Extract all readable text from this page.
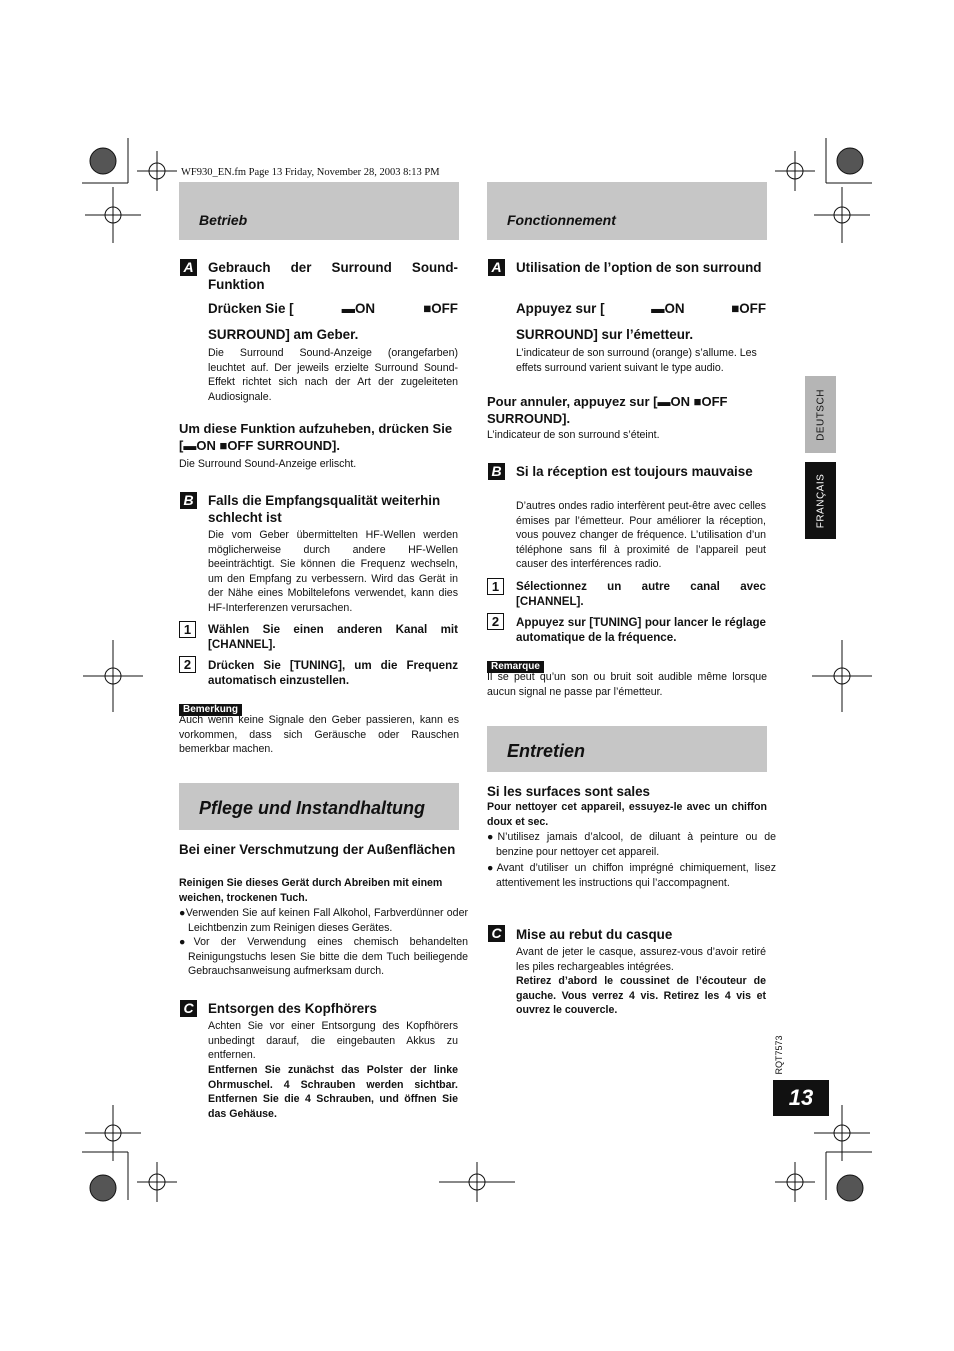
WF930_EN.fm Page 13 Friday, November 28, 2003 8:13 PM
Betrieb
A Gebrauch der Surround Sound-Funktion
Drücken Sie [	▬ON	■OFF
SURROUND] am Geber.
Die Surround Sound-Anzeige (orangefarben) leuchtet auf. Der jeweils erzielte Surround Sound-Effekt richtet sich nach der Art der zugeleiteten Audiosignale.
Um diese Funktion aufzuheben, drücken Sie [▬ON ■OFF SURROUND].
Die Surround Sound-Anzeige erlischt.
B Falls die Empfangsqualität weiterhin schlecht ist
Die vom Geber übermittelten HF-Wellen werden möglicherweise durch andere HF-Wellen beeinträchtigt. Sie können die Frequenz wechseln, um den Empfang zu verbessern. Wird das Gerät in der Nähe eines Mobiltelefons verwendet, kann dies HF-Interferenzen verursachen.
1	Wählen Sie einen anderen Kanal mit [CHANNEL].
2	Drücken Sie [TUNING], um die Frequenz automatisch einzustellen.
Bemerkung
Auch wenn keine Signale den Geber passieren, kann es vorkommen, dass sich Geräusche oder Rauschen bemerkbar machen.
Pflege und Instandhaltung
Bei einer Verschmutzung der Außenflächen
Reinigen Sie dieses Gerät durch Abreiben mit einem weichen, trockenen Tuch.
●Verwenden Sie auf keinen Fall Alkohol, Farbverdünner oder Leichtbenzin zum Reinigen dieses Gerätes.
●Vor der Verwendung eines chemisch behandelten Reinigungstuchs lesen Sie bitte die dem Tuch beiliegende Gebrauchsanweisung aufmerksam durch.
C Entsorgen des Kopfhörers
Achten Sie vor einer Entsorgung des Kopfhörers unbedingt darauf, die eingebauten Akkus zu entfernen.
Entfernen Sie zunächst das Polster der linke Ohrmuschel. 4 Schrauben werden sichtbar. Entfernen Sie die 4 Schrauben, und öffnen Sie das Gehäuse.
Fonctionnement
A Utilisation de l’option de son surround
Appuyez sur [	▬ON	■OFF
SURROUND] sur l’émetteur.
L’indicateur de son surround (orange) s’allume. Les effets surround varient suivant le type audio.
Pour annuler, appuyez sur [▬ON ■OFF SURROUND].
L’indicateur de son surround s’éteint.
B Si la réception est toujours mauvaise
D’autres ondes radio interfèrent peut-être avec celles émises par l’émetteur. Pour améliorer la réception, vous pouvez changer de fréquence. L’utilisation d’un téléphone sans fil à proximité de l’appareil peut causer des interférences radio.
1	Sélectionnez un autre canal avec [CHANNEL].
2	Appuyez sur [TUNING] pour lancer le réglage automatique de la fréquence.
Remarque
Il se peut qu’un son ou bruit soit audible même lorsque aucun signal ne passe par l’émetteur.
Entretien
Si les surfaces sont sales
Pour nettoyer cet appareil, essuyez-le avec un chiffon doux et sec.
●N’utilisez jamais d’alcool, de diluant à peinture ou de benzine pour nettoyer cet appareil.
●Avant d’utiliser un chiffon imprégné chimiquement, lisez attentivement les instructions qui l’accompagnent.
C Mise au rebut du casque
Avant de jeter le casque, assurez-vous d’avoir retiré les piles rechargeables intégrées.
Retirez d’abord le coussinet de l’écouteur de gauche. Vous verrez 4 vis. Retirez les 4 vis et ouvrez le couvercle.
DEUTSCH
FRANÇAIS
RQT7573
13
